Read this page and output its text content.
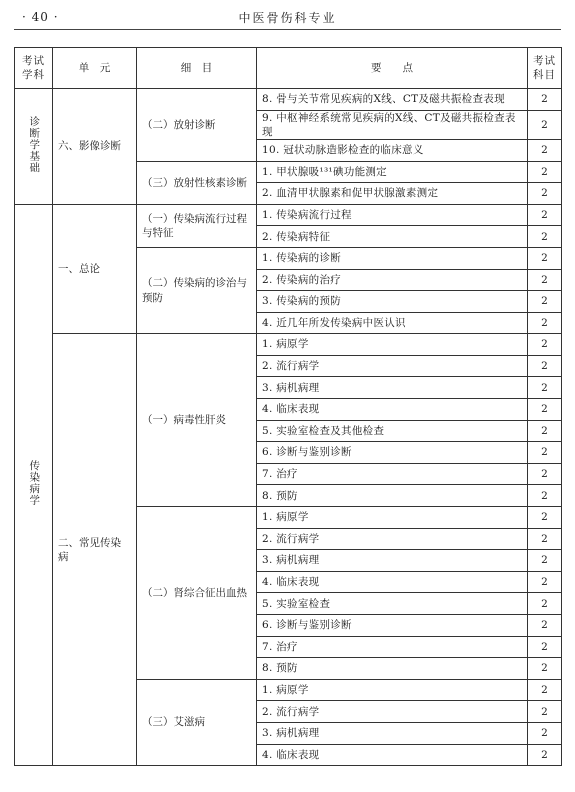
· 40 ·	中医骨伤科专业
考试学科	单　元	细　目	要　　点	考试科目
诊断学基础	六、影像诊断	（二）放射诊断	8. 骨与关节常见疾病的X线、CT及磁共振检查表现	2
			9. 中枢神经系统常见疾病的X线、CT及磁共振检查表现	2
			10. 冠状动脉造影检查的临床意义	2
		（三）放射性核素诊断	1. 甲状腺吸¹³¹碘功能测定	2
			2. 血清甲状腺素和促甲状腺激素测定	2
传染病学	一、总论	（一）传染病流行过程与特征	1. 传染病流行过程	2
			2. 传染病特征	2
		（二）传染病的诊治与预防	1. 传染病的诊断	2
			2. 传染病的治疗	2
			3. 传染病的预防	2
			4. 近几年所发传染病中医认识	2
	二、常见传染病	（一）病毒性肝炎	1. 病原学	2
			2. 流行病学	2
			3. 病机病理	2
			4. 临床表现	2
			5. 实验室检查及其他检查	2
			6. 诊断与鉴别诊断	2
			7. 治疗	2
			8. 预防	2
		（二）肾综合征出血热	1. 病原学	2
			2. 流行病学	2
			3. 病机病理	2
			4. 临床表现	2
			5. 实验室检查	2
			6. 诊断与鉴别诊断	2
			7. 治疗	2
			8. 预防	2
		（三）艾滋病	1. 病原学	2
			2. 流行病学	2
			3. 病机病理	2
			4. 临床表现	2
